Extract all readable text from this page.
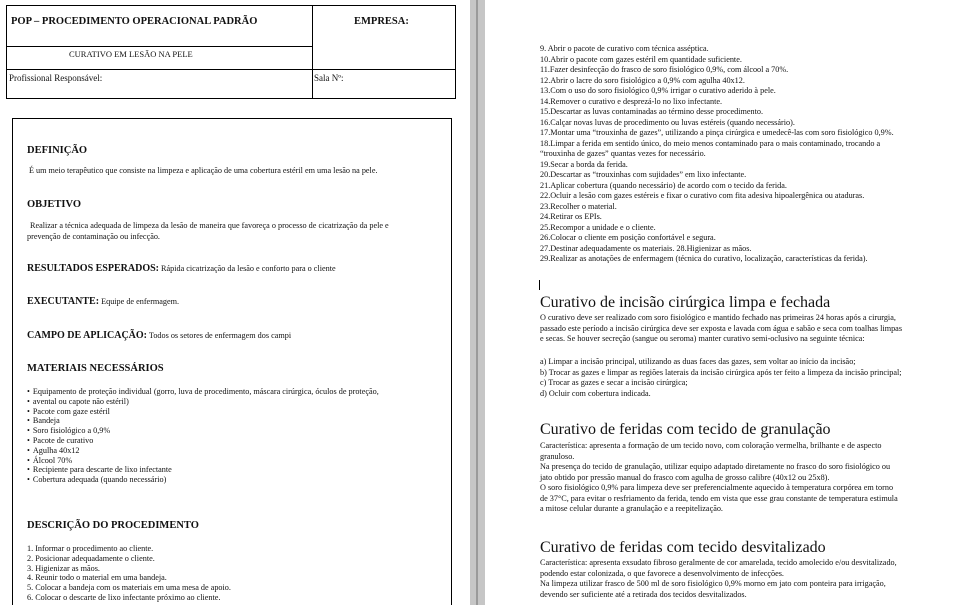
POP – PROCEDIMENTO OPERACIONAL PADRÃO	EMPRESA:
CURATIVO EM LESÃO NA PELE
Profissional Responsável:	Sala Nº:
DEFINIÇÃO
É um meio terapêutico que consiste na limpeza e aplicação de uma cobertura estéril em uma lesão na pele.
OBJETIVO
Realizar a técnica adequada de limpeza da lesão de maneira que favoreça o processo de cicatrização da pele e
prevenção de contaminação ou infecção.
RESULTADOS ESPERADOS: Rápida cicatrização da lesão e conforto para o cliente
EXECUTANTE: Equipe de enfermagem.
CAMPO DE APLICAÇÃO: Todos os setores de enfermagem dos campi
MATERIAIS NECESSÁRIOS
• Equipamento de proteção individual (gorro, luva de procedimento, máscara cirúrgica, óculos de proteção,
• avental ou capote não estéril)
• Pacote com gaze estéril
• Bandeja
• Soro fisiológico a 0,9%
• Pacote de curativo
• Agulha 40x12
• Álcool 70%
• Recipiente para descarte de lixo infectante
• Cobertura adequada (quando necessário)
DESCRIÇÃO DO PROCEDIMENTO
1. Informar o procedimento ao cliente.
2. Posicionar adequadamente o cliente.
3. Higienizar as mãos.
4. Reunir todo o material em uma bandeja.
5. Colocar a bandeja com os materiais em uma mesa de apoio.
6. Colocar o descarte de lixo infectante próximo ao cliente.
9. Abrir o pacote de curativo com técnica asséptica.
10.Abrir o pacote com gazes estéril em quantidade suficiente.
11.Fazer desinfecção do frasco de soro fisiológico 0,9%, com álcool a 70%.
12.Abrir o lacre do soro fisiológico a 0,9% com agulha 40x12.
13.Com o uso do soro fisiológico 0,9% irrigar o curativo aderido à pele.
14.Remover o curativo e desprezá-lo no lixo infectante.
15.Descartar as luvas contaminadas ao término desse procedimento.
16.Calçar novas luvas de procedimento ou luvas estéreis (quando necessário).
17.Montar uma “trouxinha de gazes”, utilizando a pinça cirúrgica e umedecê-las com soro fisiológico 0,9%.
18.Limpar a ferida em sentido único, do meio menos contaminado para o mais contaminado, trocando a
“trouxinha de gazes” quantas vezes for necessário.
19.Secar a borda da ferida.
20.Descartar as “trouxinhas com sujidades” em lixo infectante.
21.Aplicar cobertura (quando necessário) de acordo com o tecido da ferida.
22.Ocluir a lesão com gazes estéreis e fixar o curativo com fita adesiva hipoalergênica ou ataduras.
23.Recolher o material.
24.Retirar os EPIs.
25.Recompor a unidade e o cliente.
26.Colocar o cliente em posição confortável e segura.
27.Destinar adequadamente os materiais. 28.Higienizar as mãos.
29.Realizar as anotações de enfermagem (técnica do curativo, localização, características da ferida).
Curativo de incisão cirúrgica limpa e fechada
O curativo deve ser realizado com soro fisiológico e mantido fechado nas primeiras 24 horas após a cirurgia,
passado este período a incisão cirúrgica deve ser exposta e lavada com água e sabão e seca com toalhas limpas
e secas. Se houver secreção (sangue ou seroma) manter curativo semi-oclusivo na seguinte técnica:
a) Limpar a incisão principal, utilizando as duas faces das gazes, sem voltar ao início da incisão;
b) Trocar as gazes e limpar as regiões laterais da incisão cirúrgica após ter feito a limpeza da incisão principal;
c) Trocar as gazes e secar a incisão cirúrgica;
d) Ocluir com cobertura indicada.
Curativo de feridas com tecido de granulação
Característica: apresenta a formação de um tecido novo, com coloração vermelha, brilhante e de aspecto
granuloso.
Na presença do tecido de granulação, utilizar equipo adaptado diretamente no frasco do soro fisiológico ou
jato obtido por pressão manual do frasco com agulha de grosso calibre (40x12 ou 25x8).
O soro fisiológico 0,9% para limpeza deve ser preferencialmente aquecido à temperatura corpórea em torno
de 37°C, para evitar o resfriamento da ferida, tendo em vista que esse grau constante de temperatura estimula
a mitose celular durante a granulação e a reepitelização.
Curativo de feridas com tecido desvitalizado
Característica: apresenta exsudato fibroso geralmente de cor amarelada, tecido amolecido e/ou desvitalizado,
podendo estar colonizada, o que favorece a desenvolvimento de infecções.
Na limpeza utilizar frasco de 500 ml de soro fisiológico 0,9% morno em jato com ponteira para irrigação,
devendo ser suficiente até a retirada dos tecidos desvitalizados.
